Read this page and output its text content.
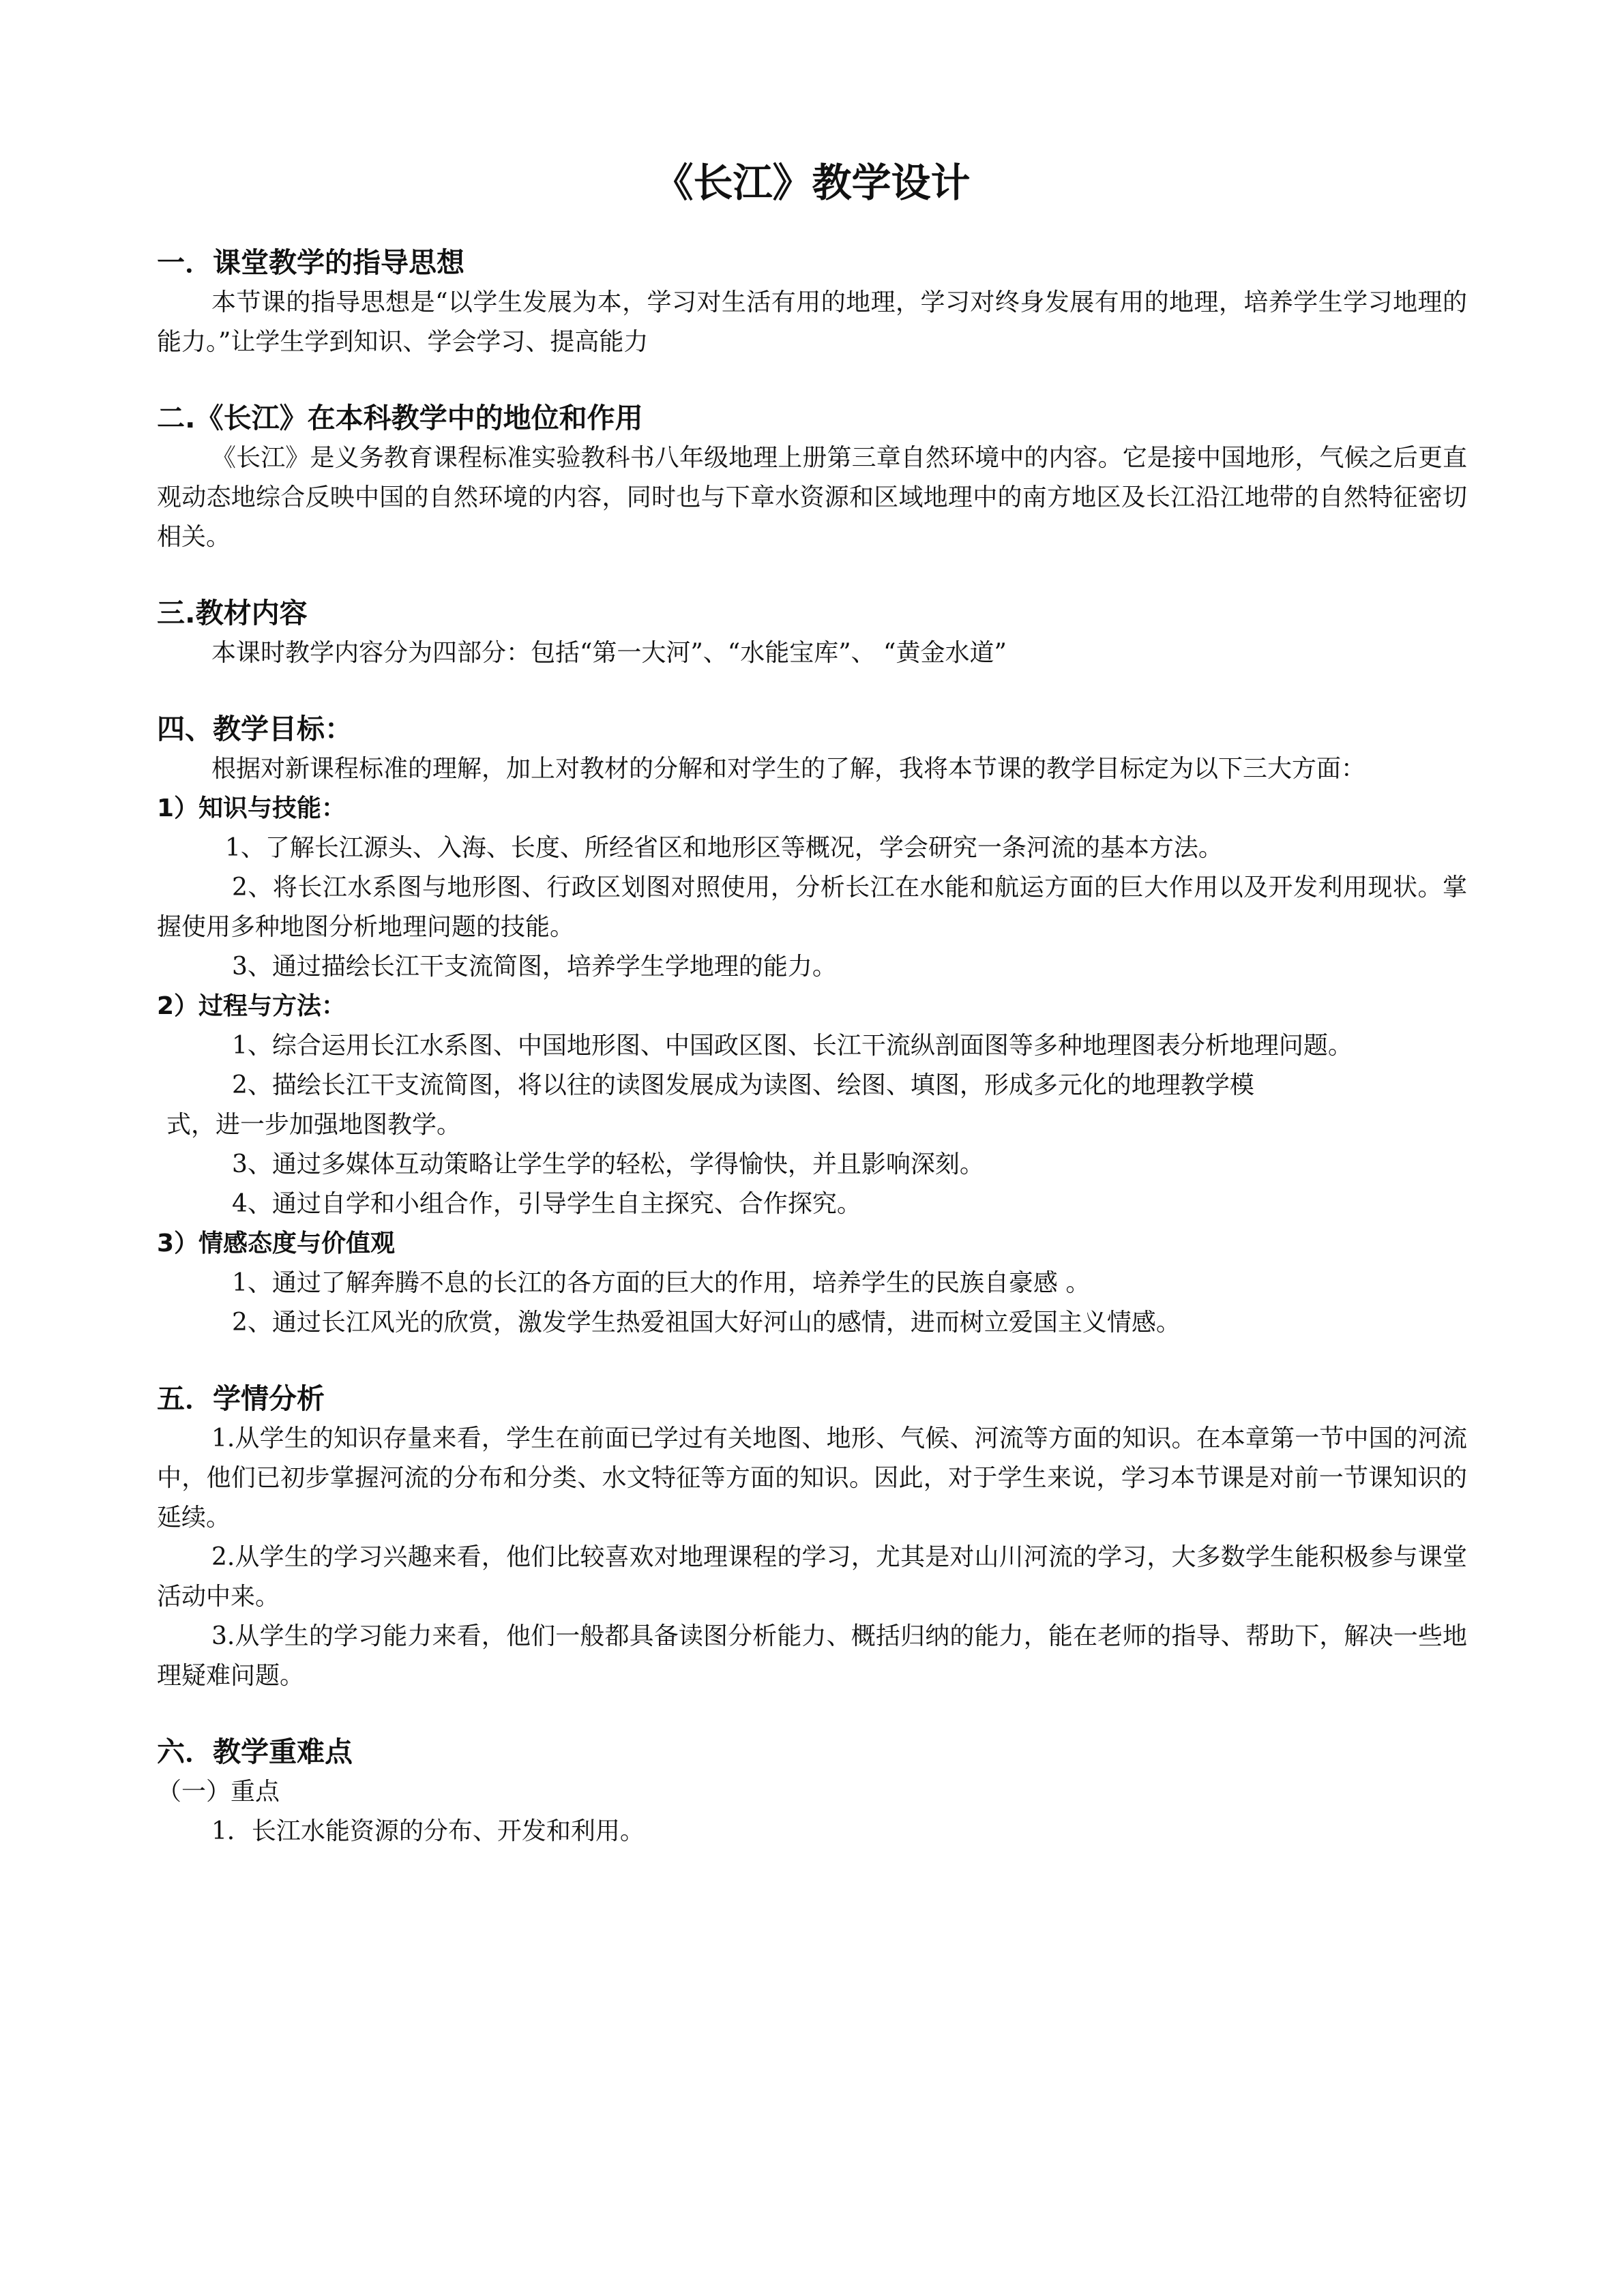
《长江》教学设计
一．课堂教学的指导思想

本节课的指导思想是“以学生发展为本，学习对生活有用的地理，学习对终身发展有用的地理，培养学生学习地理的能力。”让学生学到知识、学会学习、提高能力

二.《长江》在本科教学中的地位和作用

《长江》是义务教育课程标准实验教科书八年级地理上册第三章自然环境中的内容。它是接中国地形，气候之后更直观动态地综合反映中国的自然环境的内容，同时也与下章水资源和区域地理中的南方地区及长江沿江地带的自然特征密切相关。

三.教材内容

本课时教学内容分为四部分：包括“第一大河”、“水能宝库”、 “黄金水道”

四、教学目标：

根据对新课程标准的理解，加上对教材的分解和对学生的了解，我将本节课的教学目标定为以下三大方面：

1）知识与技能：

1、了解长江源头、入海、长度、所经省区和地形区等概况，学会研究一条河流的基本方法。

2、将长江水系图与地形图、行政区划图对照使用，分析长江在水能和航运方面的巨大作用以及开发利用现状。掌握使用多种地图分析地理问题的技能。

3、通过描绘长江干支流简图，培养学生学地理的能力。

2）过程与方法：

1、综合运用长江水系图、中国地形图、中国政区图、长江干流纵剖面图等多种地理图表分析地理问题。

2、描绘长江干支流简图，将以往的读图发展成为读图、绘图、填图，形成多元化的地理教学模

式，进一步加强地图教学。

3、通过多媒体互动策略让学生学的轻松，学得愉快，并且影响深刻。

4、通过自学和小组合作，引导学生自主探究、合作探究。

3）情感态度与价值观

1、通过了解奔腾不息的长江的各方面的巨大的作用，培养学生的民族自豪感 。

2、通过长江风光的欣赏，激发学生热爱祖国大好河山的感情，进而树立爱国主义情感。

五．学情分析

1.从学生的知识存量来看，学生在前面已学过有关地图、地形、气候、河流等方面的知识。在本章第一节中国的河流中，他们已初步掌握河流的分布和分类、水文特征等方面的知识。因此，对于学生来说，学习本节课是对前一节课知识的延续。

2.从学生的学习兴趣来看，他们比较喜欢对地理课程的学习，尤其是对山川河流的学习，大多数学生能积极参与课堂活动中来。

3.从学生的学习能力来看，他们一般都具备读图分析能力、概括归纳的能力，能在老师的指导、帮助下，解决一些地理疑难问题。

六．教学重难点

（一）重点

1．长江水能资源的分布、开发和利用。
